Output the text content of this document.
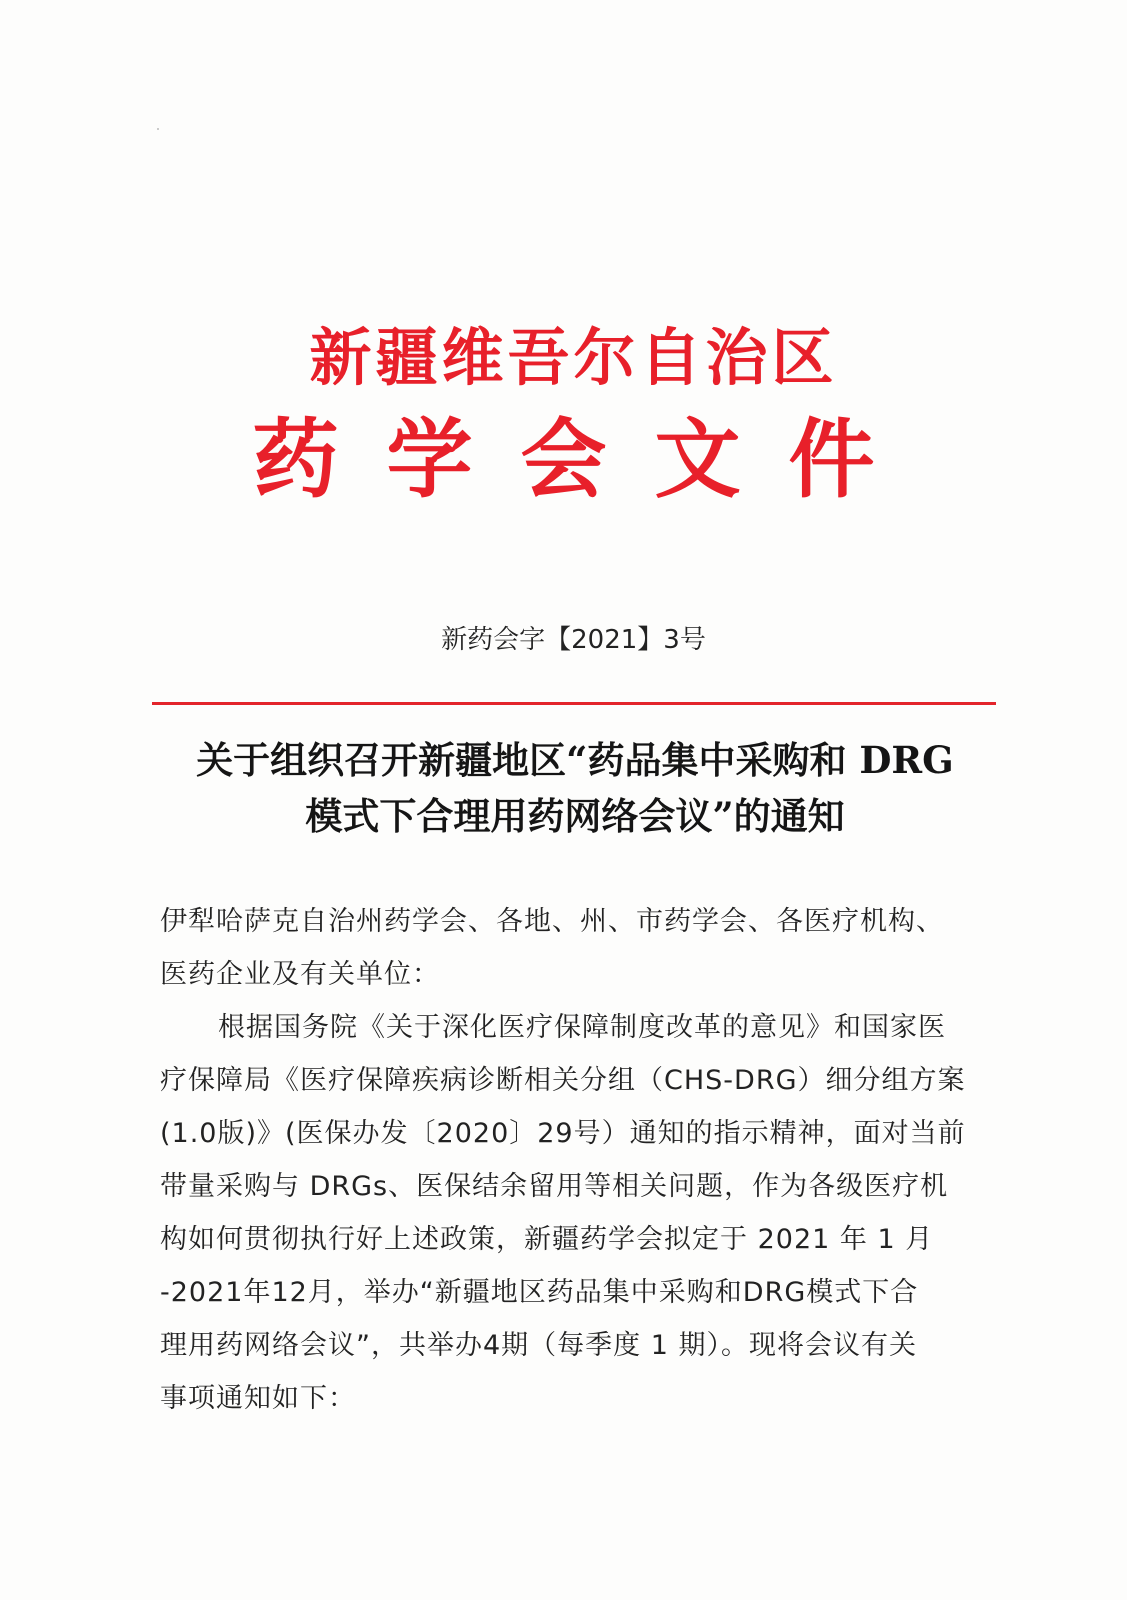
新疆维吾尔自治区
药学会文件
新药会字【2021】3号
关于组织召开新疆地区“药品集中采购和 DRG
模式下合理用药网络会议”的通知
伊犁哈萨克自治州药学会、各地、州、市药学会、各医疗机构、
医药企业及有关单位：
根据国务院《关于深化医疗保障制度改革的意见》和国家医
疗保障局《医疗保障疾病诊断相关分组（CHS-DRG）细分组方案
(1.0版)》(医保办发〔2020〕29号）通知的指示精神，面对当前
带量采购与 DRGs、医保结余留用等相关问题，作为各级医疗机
构如何贯彻执行好上述政策，新疆药学会拟定于 2021 年 1 月
-2021年12月，举办“新疆地区药品集中采购和DRG模式下合
理用药网络会议”，共举办4期（每季度 1 期）。现将会议有关
事项通知如下：
